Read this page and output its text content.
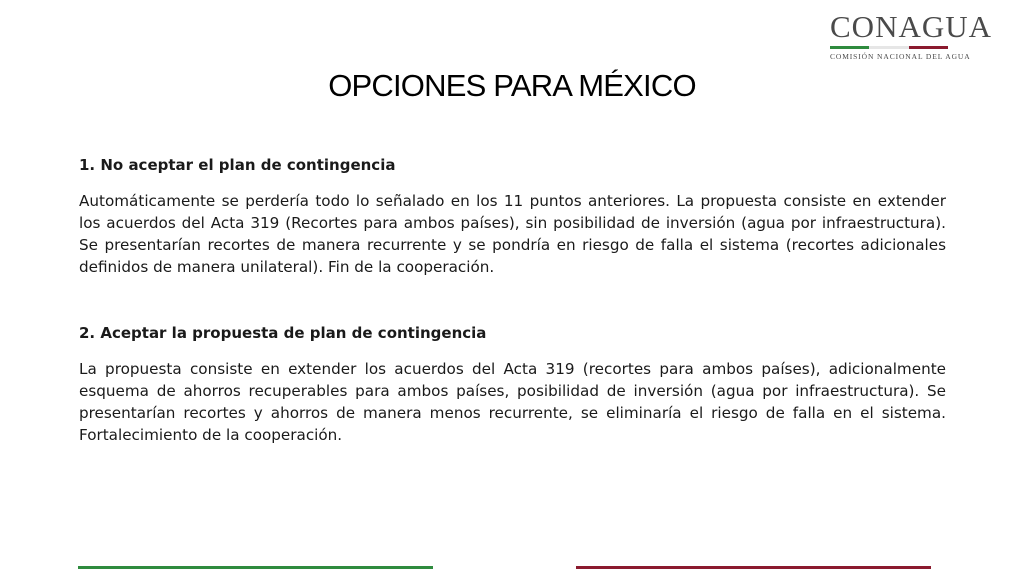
CONAGUA
COMISIÓN NACIONAL DEL AGUA
OPCIONES PARA MÉXICO

1. No aceptar el plan de contingencia

Automáticamente se perdería todo lo señalado en los 11 puntos anteriores. La propuesta consiste en extender los acuerdos del Acta 319 (Recortes para ambos países), sin posibilidad de inversión (agua por infraestructura). Se presentarían recortes de manera recurrente y se pondría en riesgo de falla el sistema (recortes adicionales definidos de manera unilateral). Fin de la cooperación.

2. Aceptar la propuesta de plan de contingencia

La propuesta consiste en extender los acuerdos del Acta 319 (recortes para ambos países), adicionalmente esquema de ahorros recuperables para ambos países, posibilidad de inversión (agua por infraestructura). Se presentarían recortes y ahorros de manera menos recurrente, se eliminaría el riesgo de falla en el sistema. Fortalecimiento de la cooperación.
